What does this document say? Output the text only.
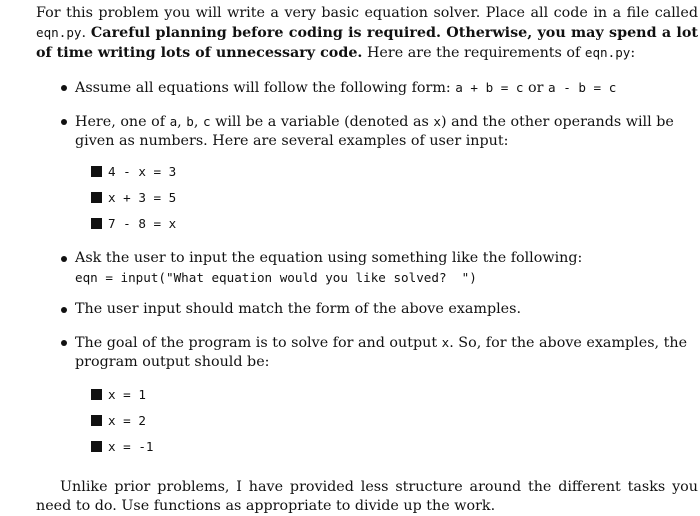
For this problem you will write a very basic equation solver. Place all code in a file called eqn.py. Careful planning before coding is required. Otherwise, you may spend a lot of time writing lots of unnecessary code. Here are the requirements of eqn.py:

Assume all equations will follow the following form: a + b = c or a - b = c
Here, one of a, b, c will be a variable (denoted as x) and the other operands will be given as numbers. Here are several examples of user input:
4 - x = 3
x + 3 = 5
7 - 8 = x
Ask the user to input the equation using something like the following:
eqn = input("What equation would you like solved?  ")
The user input should match the form of the above examples.
The goal of the program is to solve for and output x. So, for the above examples, the program output should be:
x = 1
x = 2
x = -1

Unlike prior problems, I have provided less structure around the different tasks you need to do. Use functions as appropriate to divide up the work.
